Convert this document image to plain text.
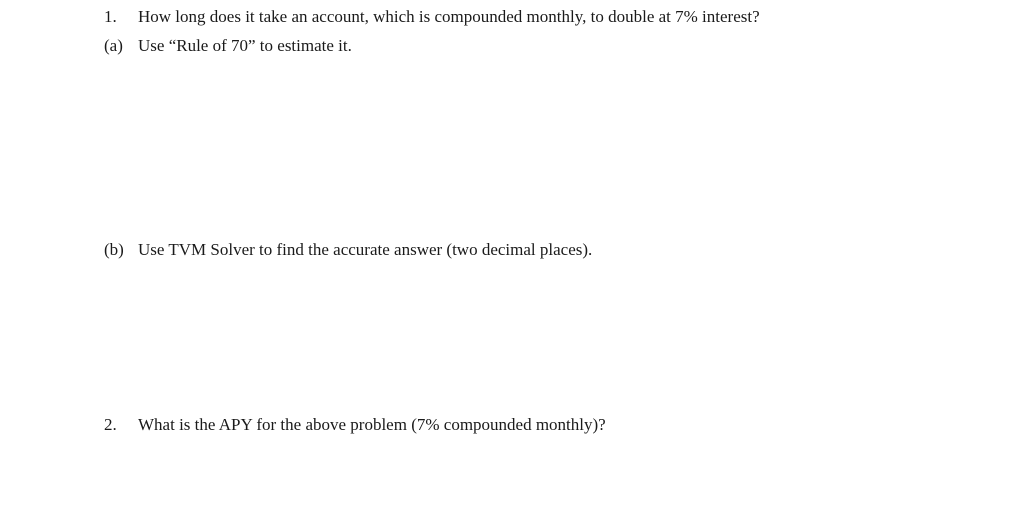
1. How long does it take an account, which is compounded monthly, to double at 7% interest?
(a) Use “Rule of 70” to estimate it.
(b) Use TVM Solver to find the accurate answer (two decimal places).
2. What is the APY for the above problem (7% compounded monthly)?
